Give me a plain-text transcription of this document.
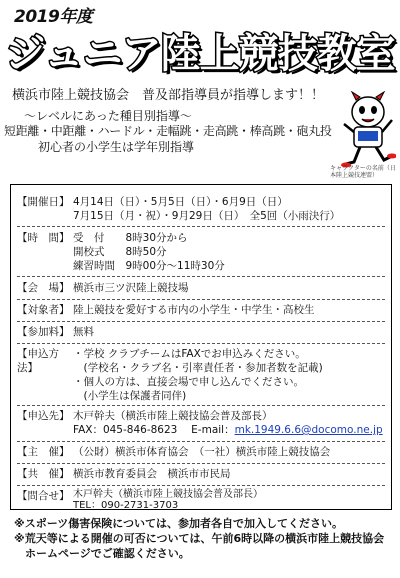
2019年度
ジュニア陸上競技教室
横浜市陸上競技協会　普及部指導員が指導します！！
～レベルにあった種目別指導～
短距離・中距離・ハードル・走幅跳・走高跳・棒高跳・砲丸投
初心者の小学生は学年別指導
キャラクターの名前（日本陸上競技連盟）
【開催日】 4月14日（日）・5月5日（日）・6月9日（日）
7月15日（月・祝）・9月29日（日）　全5回（小雨決行）
【時　間】 受　付　　8時30分から
開校式　　8時50分
練習時間　9時00分～11時30分
【会　場】 横浜市三ツ沢陸上競技場
【対象者】 陸上競技を愛好する市内の小学生・中学生・高校生
【参加料】 無料
【申込方法】
・学校 クラブチームはFAXでお申込みください。
　(学校名・クラブ名・引率責任者・参加者数を記載)
・個人の方は、直接会場で申し込んでください。
　(小学生は保護者同伴)
【申込先】 木戸幹夫（横浜市陸上競技協会普及部長）
FAX：045-846-8623　 E-mail：mk.1949.6.6@docomo.ne.jp
【主　催】 （公財）横浜市体育協会　（一社）横浜市陸上競技協会
【共　催】 横浜市教育委員会　横浜市市民局
【問合せ】 木戸幹夫（横浜市陸上競技協会普及部長）
TEL：090-2731-3703
※スポーツ傷害保険については、参加者各自で加入してください。
※荒天等による開催の可否については、午前6時以降の横浜市陸上競技協会
　ホームページでご確認ください。
